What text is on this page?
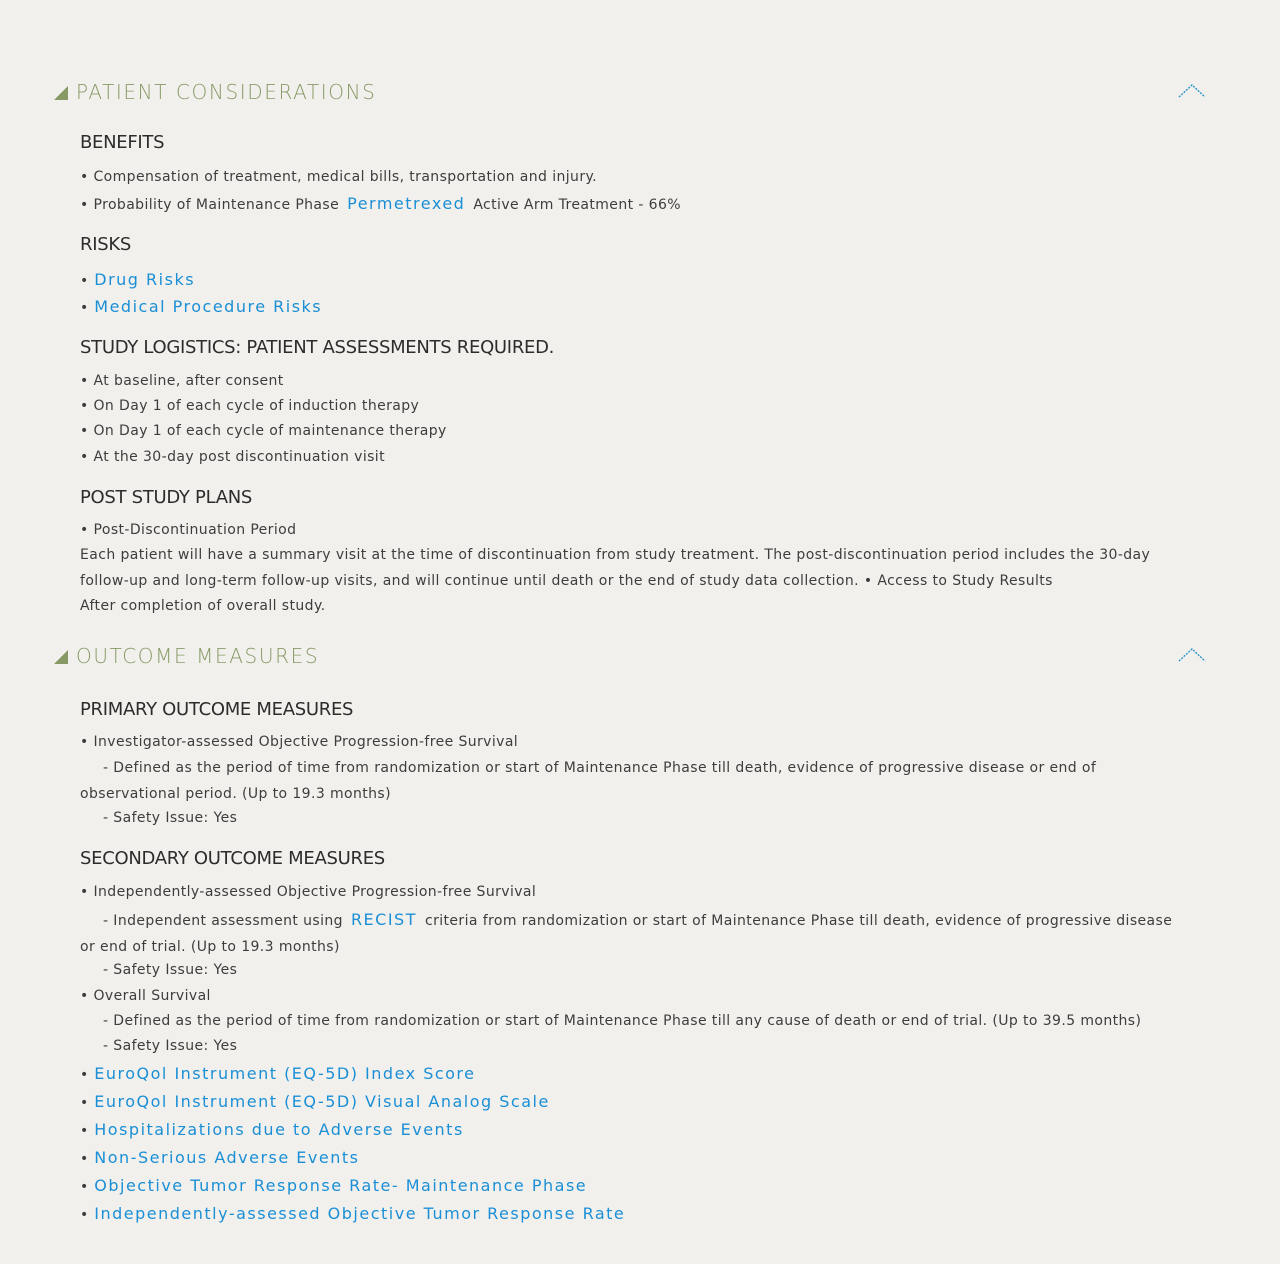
PATIENT CONSIDERATIONS
BENEFITS
• Compensation of treatment, medical bills, transportation and injury.
• Probability of Maintenance Phase Permetrexed Active Arm Treatment - 66%
RISKS
• Drug Risks
• Medical Procedure Risks
STUDY LOGISTICS: PATIENT ASSESSMENTS REQUIRED.
• At baseline, after consent
• On Day 1 of each cycle of induction therapy
• On Day 1 of each cycle of maintenance therapy
• At the 30-day post discontinuation visit
POST STUDY PLANS
• Post-Discontinuation Period
Each patient will have a summary visit at the time of discontinuation from study treatment. The post-discontinuation period includes the 30-day follow-up and long-term follow-up visits, and will continue until death or the end of study data collection. • Access to Study Results
After completion of overall study.
OUTCOME MEASURES
PRIMARY OUTCOME MEASURES
• Investigator-assessed Objective Progression-free Survival
- Defined as the period of time from randomization or start of Maintenance Phase till death, evidence of progressive disease or end of observational period. (Up to 19.3 months)
- Safety Issue: Yes
SECONDARY OUTCOME MEASURES
• Independently-assessed Objective Progression-free Survival
- Independent assessment using RECIST criteria from randomization or start of Maintenance Phase till death, evidence of progressive disease or end of trial. (Up to 19.3 months)
- Safety Issue: Yes
• Overall Survival
- Defined as the period of time from randomization or start of Maintenance Phase till any cause of death or end of trial. (Up to 39.5 months)
- Safety Issue: Yes
• EuroQol Instrument (EQ-5D) Index Score
• EuroQol Instrument (EQ-5D) Visual Analog Scale
• Hospitalizations due to Adverse Events
• Non-Serious Adverse Events
• Objective Tumor Response Rate- Maintenance Phase
• Independently-assessed Objective Tumor Response Rate
